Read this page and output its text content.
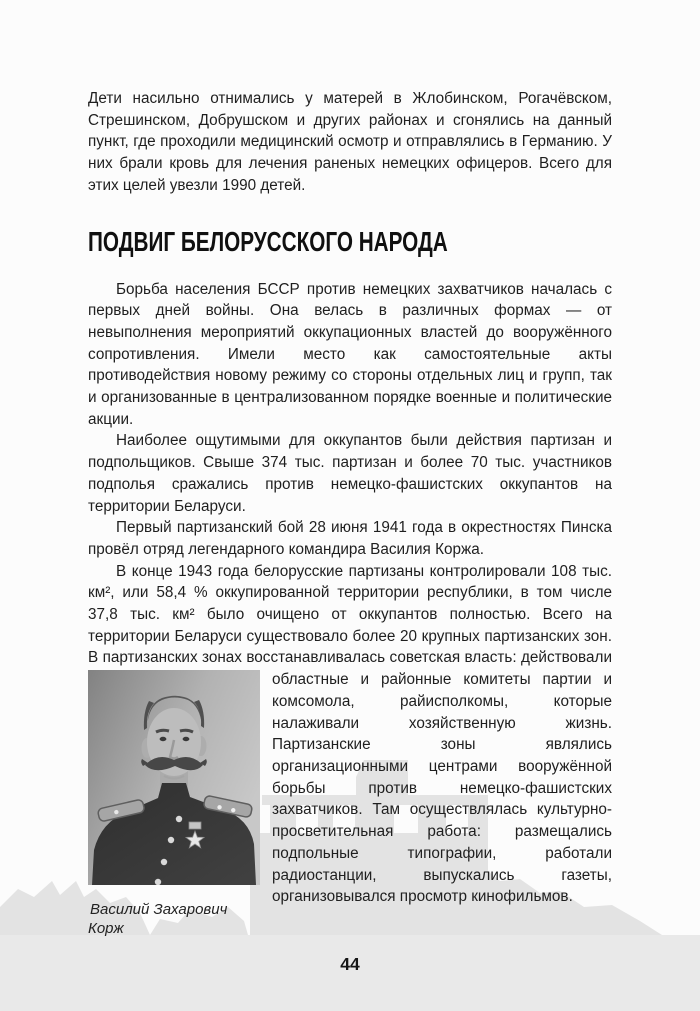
Дети насильно отнимались у матерей в Жлобинском, Рогачёвском, Стрешинском, Добрушском и других районах и сгонялись на данный пункт, где проходили медицинский осмотр и отправлялись в Германию. У них брали кровь для лечения раненых немецких офицеров. Всего для этих целей увезли 1990 детей.

ПОДВИГ БЕЛОРУССКОГО НАРОДА

Борьба населения БССР против немецких захватчиков началась с первых дней войны. Она велась в различных формах — от невыполнения мероприятий оккупационных властей до вооружённого сопротивления. Имели место как самостоятельные акты противодействия новому режиму со стороны отдельных лиц и групп, так и организованные в централизованном порядке военные и политические акции.

Наиболее ощутимыми для оккупантов были действия партизан и подпольщиков. Свыше 374 тыс. партизан и более 70 тыс. участников подполья сражались против немецко-фашистских оккупантов на территории Беларуси.

Первый партизанский бой 28 июня 1941 года в окрестностях Пинска провёл отряд легендарного командира Василия Коржа.

Василий Захарович Корж

В конце 1943 года белорусские партизаны контролировали 108 тыс. км², или 58,4 % оккупированной территории республики, в том числе 37,8 тыс. км² было очищено от оккупантов полностью. Всего на территории Беларуси существовало более 20 крупных партизанских зон. В партизанских зонах восстанавливалась советская власть: действовали областные и районные комитеты партии и комсомола, райисполкомы, которые налаживали хозяйственную жизнь. Партизанские зоны являлись организационными центрами вооружённой борьбы против немецко-фашистских захватчиков. Там осуществлялась культурно-просветительная работа: размещались подпольные типографии, работали радиостанции, выпускались газеты, организовывался просмотр кинофильмов.

44
